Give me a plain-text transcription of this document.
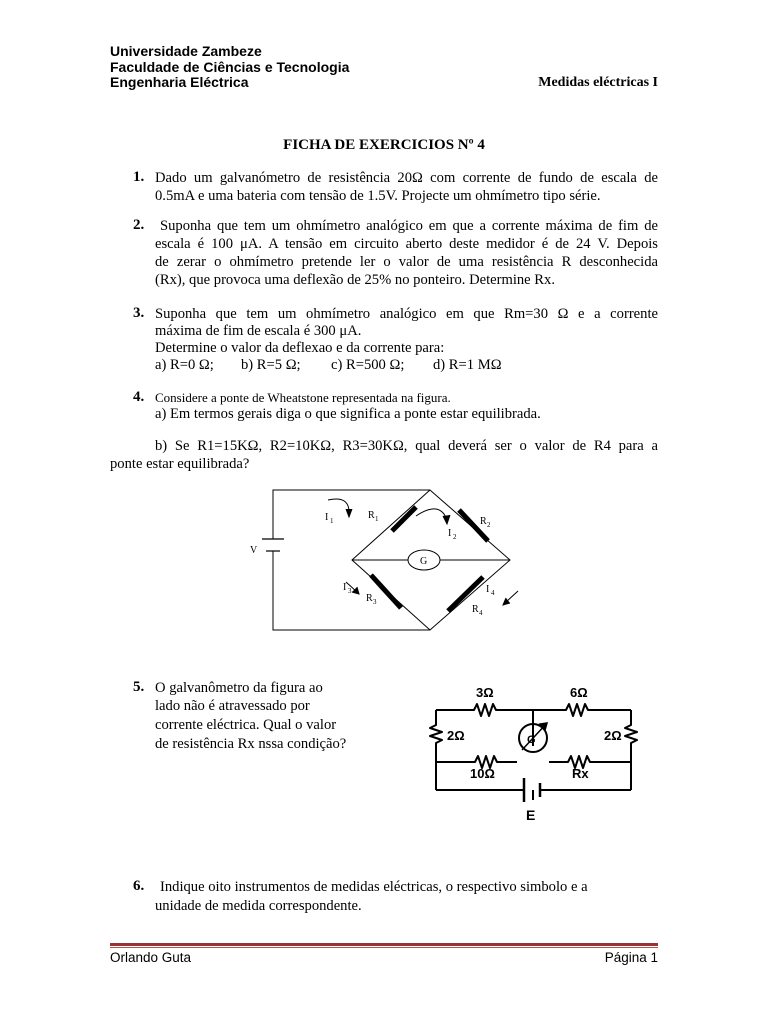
Universidade Zambeze
Faculdade de Ciências e Tecnologia
Engenharia Eléctrica	Medidas eléctricas I
FICHA DE EXERCICIOS Nº 4
1. Dado um galvanómetro de resistência 20Ω com corrente de fundo de escala de
0.5mA e uma bateria com tensão de 1.5V. Projecte um ohmímetro tipo série.
2. Suponha que tem um ohmímetro analógico em que a corrente máxima de fim de
escala é 100 μA. A tensão em circuito aberto deste medidor é de 24 V. Depois
de zerar o ohmímetro pretende ler o valor de uma resistência R desconhecida
(Rx), que provoca uma deflexão de 25% no ponteiro. Determine Rx.
3. Suponha que tem um ohmímetro analógico em que Rm=30 Ω e a corrente
máxima de fim de escala é 300 μA.
Determine o valor da deflexao e da corrente para:
a) R=0 Ω; b) R=5 Ω; c) R=500 Ω; d) R=1 MΩ
4. Considere a ponte de Wheatstone representada na figura.
a) Em termos gerais diga o que significa a ponte estar equilibrada.
b) Se R1=15KΩ, R2=10KΩ, R3=30KΩ, qual deverá ser o valor de R4 para a
ponte estar equilibrada?
V
I 1	R 1	R 2
I 2
G
I 3
R 3
I 4
R 4
5. O galvanômetro da figura ao
lado não é atravessado por
corrente eléctrica. Qual o valor
de resistência Rx nssa condição?
3Ω	6Ω
2Ω	2Ω
G
10Ω	Rx
E
6. Indique oito instrumentos de medidas eléctricas, o respectivo simbolo e a
unidade de medida correspondente.
Orlando Guta	Página 1
